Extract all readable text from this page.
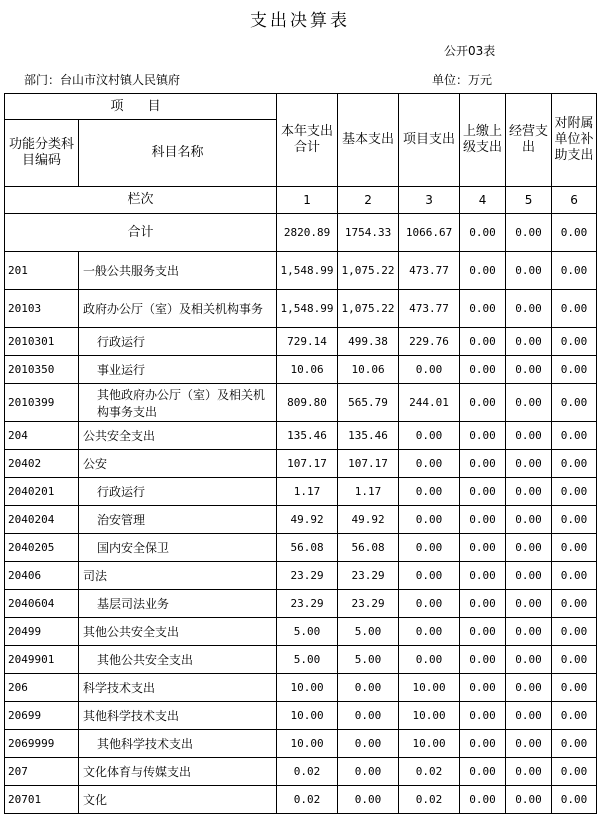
支出决算表
公开03表
部门：台山市汶村镇人民镇府	单位：万元
项 目		本年支出合计	基本支出	项目支出	上缴上级支出	经营支出	对附属单位补助支出
功能分类科目编码	科目名称						
栏次		1	2	3	4	5	6
合计		2820.89	1754.33	1066.67	0.00	0.00	0.00
201	一般公共服务支出	1,548.99	1,075.22	473.77	0.00	0.00	0.00
20103	政府办公厅（室）及相关机构事务	1,548.99	1,075.22	473.77	0.00	0.00	0.00
2010301	行政运行	729.14	499.38	229.76	0.00	0.00	0.00
2010350	事业运行	10.06	10.06	0.00	0.00	0.00	0.00
2010399	其他政府办公厅（室）及相关机构事务支出	809.80	565.79	244.01	0.00	0.00	0.00
204	公共安全支出	135.46	135.46	0.00	0.00	0.00	0.00
20402	公安	107.17	107.17	0.00	0.00	0.00	0.00
2040201	行政运行	1.17	1.17	0.00	0.00	0.00	0.00
2040204	治安管理	49.92	49.92	0.00	0.00	0.00	0.00
2040205	国内安全保卫	56.08	56.08	0.00	0.00	0.00	0.00
20406	司法	23.29	23.29	0.00	0.00	0.00	0.00
2040604	基层司法业务	23.29	23.29	0.00	0.00	0.00	0.00
20499	其他公共安全支出	5.00	5.00	0.00	0.00	0.00	0.00
2049901	其他公共安全支出	5.00	5.00	0.00	0.00	0.00	0.00
206	科学技术支出	10.00	0.00	10.00	0.00	0.00	0.00
20699	其他科学技术支出	10.00	0.00	10.00	0.00	0.00	0.00
2069999	其他科学技术支出	10.00	0.00	10.00	0.00	0.00	0.00
207	文化体育与传媒支出	0.02	0.00	0.02	0.00	0.00	0.00
20701	文化	0.02	0.00	0.02	0.00	0.00	0.00
